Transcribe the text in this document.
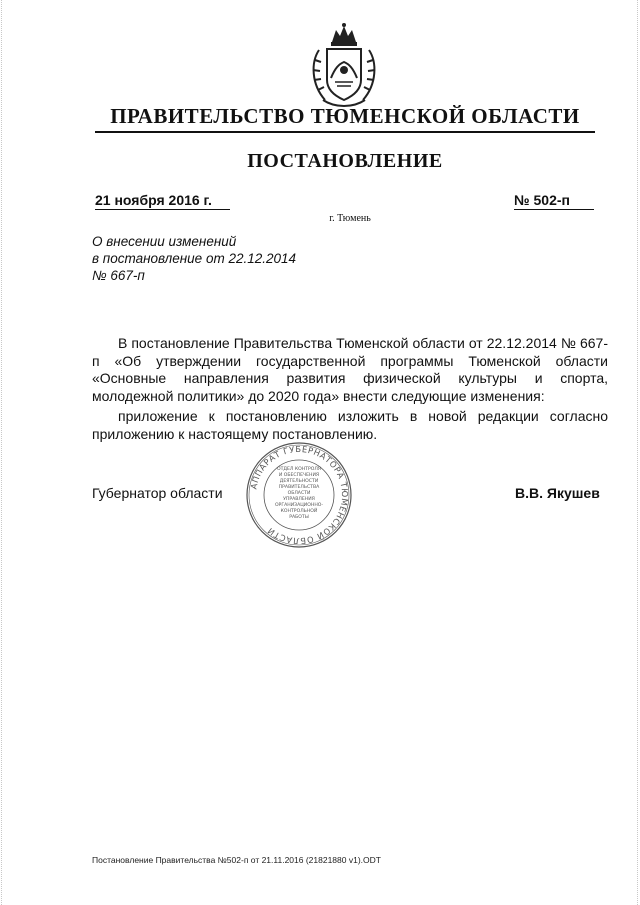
ПРАВИТЕЛЬСТВО ТЮМЕНСКОЙ ОБЛАСТИ
ПОСТАНОВЛЕНИЕ
21 ноября 2016 г.	№ 502-п
г. Тюмень
О внесении изменений
в постановление от 22.12.2014
№ 667-п

В постановление Правительства Тюменской области от 22.12.2014 № 667-п «Об утверждении государственной программы Тюменской области «Основные направления развития физической культуры и спорта, молодежной политики» до 2020 года» внести следующие изменения:

приложение к постановлению изложить в новой редакции согласно приложению к настоящему постановлению.

Губернатор области	В.В. Якушев
АППАРАТ ГУБЕРНАТОРА ТЮМЕНСКОЙ ОБЛАСТИ
ОТДЕЛ КОНТРОЛЯ
И ОБЕСПЕЧЕНИЯ
ДЕЯТЕЛЬНОСТИ
ПРАВИТЕЛЬСТВА
ОБЛАСТИ
УПРАВЛЕНИЯ
ОРГАНИЗАЦИОННО-
КОНТРОЛЬНОЙ
РАБОТЫ
Постановление Правительства №502-п от 21.11.2016 (21821880 v1).ODT
